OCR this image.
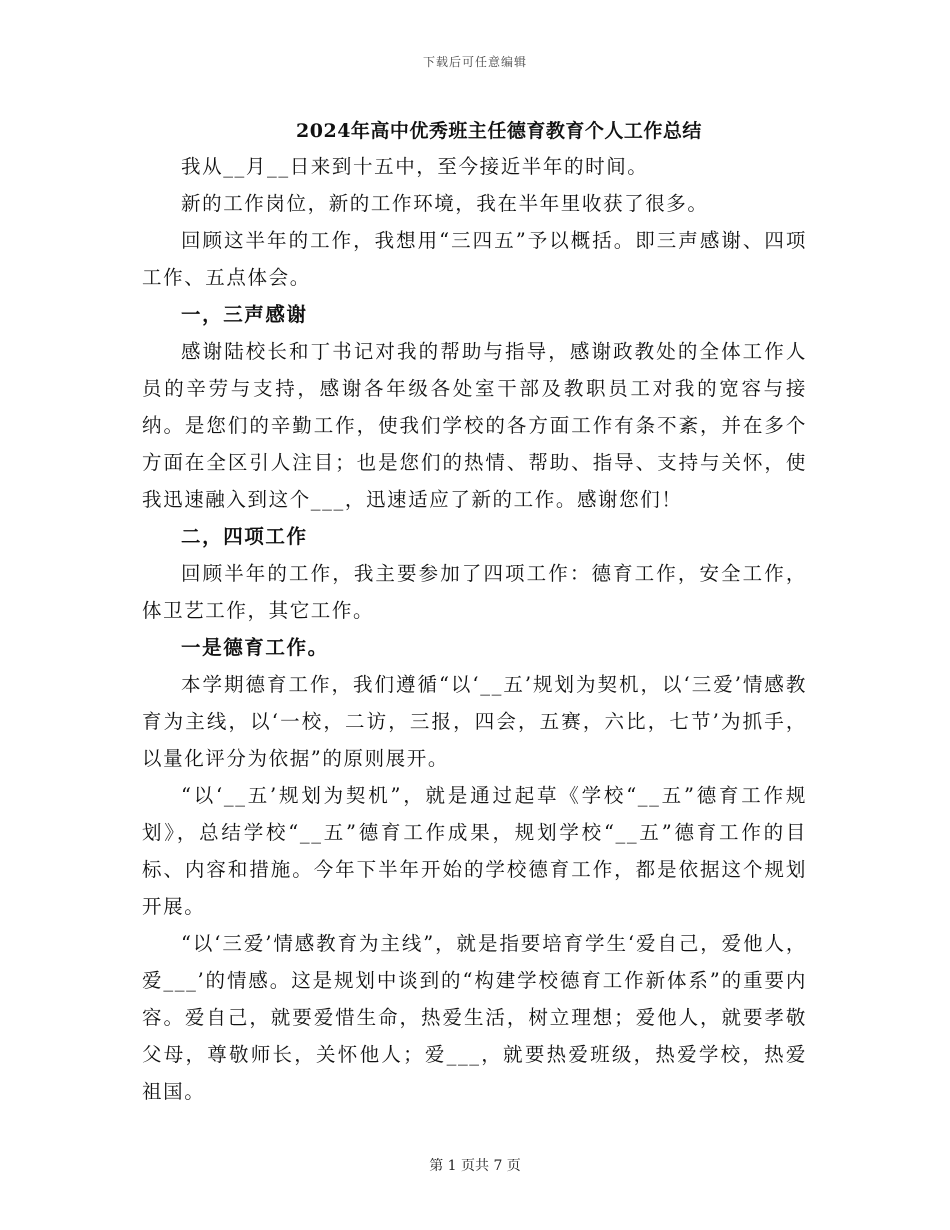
下载后可任意编辑
2024年高中优秀班主任德育教育个人工作总结

我从__月__日来到十五中，至今接近半年的时间。

新的工作岗位，新的工作环境，我在半年里收获了很多。

回顾这半年的工作，我想用“三四五”予以概括。即三声感谢、四项工作、五点体会。

一，三声感谢

感谢陆校长和丁书记对我的帮助与指导，感谢政教处的全体工作人员的辛劳与支持，感谢各年级各处室干部及教职员工对我的宽容与接纳。是您们的辛勤工作，使我们学校的各方面工作有条不紊，并在多个方面在全区引人注目；也是您们的热情、帮助、指导、支持与关怀，使我迅速融入到这个___，迅速适应了新的工作。感谢您们！

二，四项工作

回顾半年的工作，我主要参加了四项工作：德育工作，安全工作，体卫艺工作，其它工作。

一是德育工作。

本学期德育工作，我们遵循“以‘__五’规划为契机，以‘三爱’情感教育为主线，以‘一校，二访，三报，四会，五赛，六比，七节’为抓手，以量化评分为依据”的原则展开。

“以‘__五’规划为契机”，就是通过起草《学校“__五”德育工作规划》，总结学校“__五”德育工作成果，规划学校“__五”德育工作的目标、内容和措施。今年下半年开始的学校德育工作，都是依据这个规划开展。

“以‘三爱’情感教育为主线”，就是指要培育学生‘爱自己，爱他人，爱___’的情感。这是规划中谈到的“构建学校德育工作新体系”的重要内容。爱自己，就要爱惜生命，热爱生活，树立理想；爱他人，就要孝敬父母，尊敬师长，关怀他人；爱___，就要热爱班级，热爱学校，热爱祖国。

第 1 页共 7 页
